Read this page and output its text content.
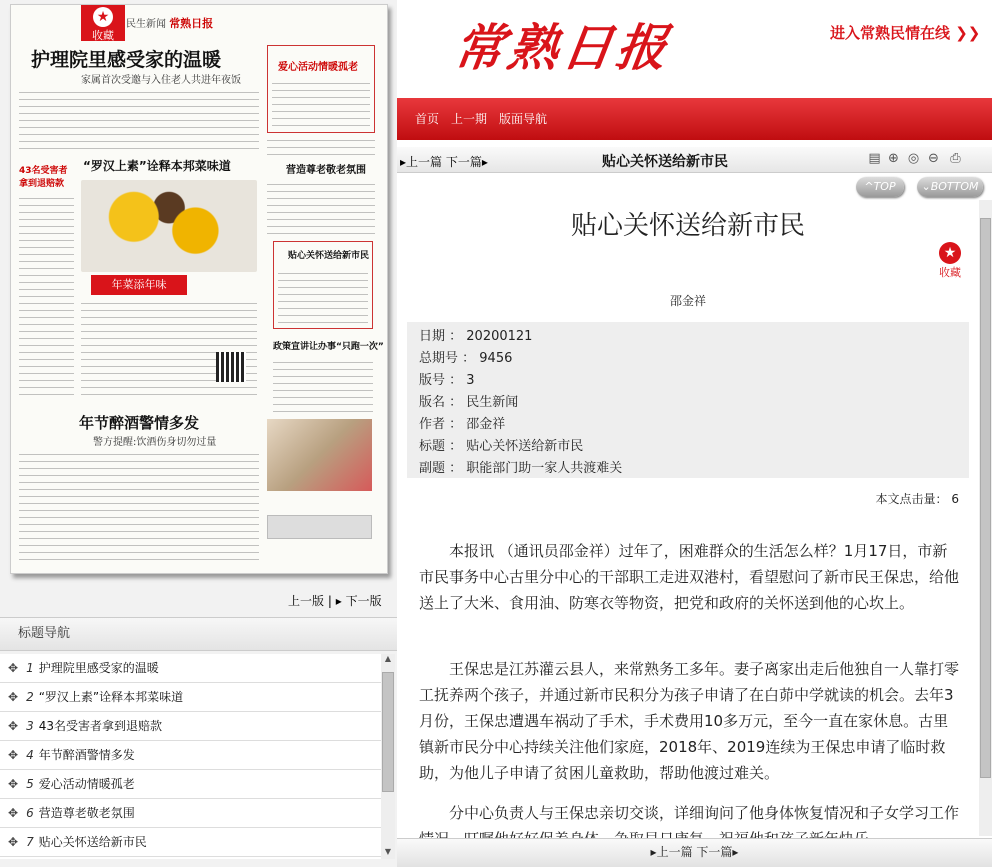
★
收藏
民生新闻 常熟日报
护理院里感受家的温暖
家属首次受邀与入住老人共进年夜饭
爱心活动情暖孤老
营造尊老敬老氛围
43名受害者拿到退赔款
“罗汉上素”诠释本邦菜味道
年菜添年味
贴心关怀送给新市民
政策宣讲让办事“只跑一次”
年节醉酒警情多发
警方提醒:饮酒伤身切勿过量
上一版 | ▸ 下一版
标题导航
✥ 1 护理院里感受家的温暖
✥ 2 “罗汉上素”诠释本邦菜味道
✥ 3 43名受害者拿到退赔款
✥ 4 年节醉酒警情多发
✥ 5 爱心活动情暖孤老
✥ 6 营造尊老敬老氛围
✥ 7 贴心关怀送给新市民
▲
▼
常熟日报	进入常熟民情在线 ❯❯
首页 上一期 版面导航
▸上一篇 下一篇▸	贴心关怀送给新市民	▤ ⊕ ◎ ⊖ ⎙
^TOP	⌄BOTTOM
贴心关怀送给新市民
★
收藏
邵金祥
日期 ： 20200121
总期号 ： 9456
版号 ： 3
版名 ： 民生新闻
作者 ： 邵金祥
标题 ： 贴心关怀送给新市民
副题 ： 职能部门助一家人共渡难关
本文点击量： 6

本报讯 （通讯员邵金祥）过年了，困难群众的生活怎么样？1月17日，市新市民事务中心古里分中心的干部职工走进双港村，看望慰问了新市民王保忠，给他送上了大米、食用油、防寒衣等物资，把党和政府的关怀送到他的心坎上。

王保忠是江苏灌云县人，来常熟务工多年。妻子离家出走后他独自一人靠打零工抚养两个孩子，并通过新市民积分为孩子申请了在白茆中学就读的机会。去年3月份，王保忠遭遇车祸动了手术，手术费用10多万元，至今一直在家休息。古里镇新市民分中心持续关注他们家庭，2018年、2019连续为王保忠申请了临时救助，为他儿子申请了贫困儿童救助，帮助他渡过难关。

分中心负责人与王保忠亲切交谈，详细询问了他身体恢复情况和子女学习工作

▸上一篇 下一篇▸
